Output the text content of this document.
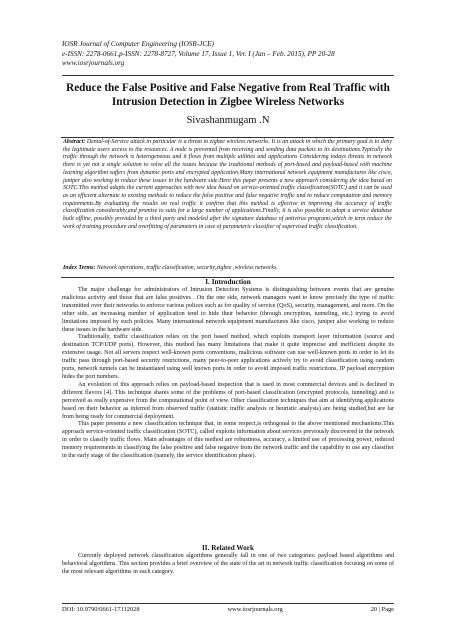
IOSR Journal of Computer Engineering (IOSR-JCE)
e-ISSN: 2278-0661,p-ISSN: 2278-8727, Volume 17, Issue 1, Ver. I (Jan – Feb. 2015), PP 20-28
www.iosrjournals.org
Reduce the False Positive and False Negative from Real Traffic with Intrusion Detection in Zigbee Wireless Networks
Sivashanmugam .N
Abstract: Denial-of-Service attack in particular is a threat to zigbee wireless networks. It is an attack in which the primary goal is to deny the legitimate users access to the resources. A node is prevented from receiving and sending data packets to its destinations.Typically the traffic through the network is heterogeneous and it flows from multiple utilities and applications Considering todays threats in network there is yet not a single solution to solve all the issues because the traditional methods of port-based and payload-based with machine learning algorithm suffers from dynamic ports and encrypted application.Many international network equipment manufactures like cisco, juniper also working to reduce these issues in the hardware side.Here this paper presents a new approach considering the idea based on SOTC.This method adapts the current approaches with new idea based on service-oriented traffic classification(SOTC) and it can be used as an efficient alternate to existing methods to reduce the false positive and false negative traffic and to reduce computation and memory requirements.By evaluating the results on real traffic it confirm that this method is effective in improving the accuracy of traffic classification considerably,and promise to suits for a large number of applications.Finally, it is also possible to adopt a service database built offline, possibly provided by a third party and modeled after the signature database of antivirus programs,which in term reduce the work of training procedure and overfitting of parameters in case of parameteric classifier of supervised traffic classification.
Index Terms: Network operations, traffic classification, security,zigbee ,wireless networks.
I. Introduction

The major challenge for administrators of Intrusion Detection Systems is distinguishing between events that are genuine malicious activity and those that are false positives . On the one side, network managers want to know precisely the type of traffic transmitted over their networks to enforce various polices such as for quality of service (QoS), security, management, and more. On the other side, an increasing number of application tend to hide their behavior (through encryption, tunneling, etc.) trying to avoid limitations imposed by such policies. Many international network equipment manufactures like cisco, juniper also working to reduce these issues in the hardware side.

Traditionally, traffic classification relies on the port based method, which exploits transport layer information (source and destination TCP/UDP ports). However, this method has many limitations that make it quite imprecise and inefficient despite its extensive usage. Not all servers respect well-known ports conventions, malicious software can use well-known ports in order to let its traffic pass through port-based security restrictions, many peer-to-peer applications actively try to avoid classification using random ports, network tunnels can be instantiated using well known ports in order to avoid imposed traffic restrictions, IP payload encryption hides the port numbers.

An evolution of this approach relies on payload-based inspection that is used in most commercial devices and is declined in different flavors [4]. This technique shares some of the problems of port-based classification (encrypted protocols, tunneling) and is perceived as really expensive from the computational point of view. Other classification techniques that aim at identifying applications based on their behavior as inferred from observed traffic (statistic traffic analysis or heuristic analysis) are being studied,but are far from being ready for commercial deployment.

This paper presents a new classification technique that, in some respect,is orthogonal to the above mentioned mechanisms.This approach service-oriented traffic classification (SOTC), called exploits information about services previously discovered in the network in order to classify traffic flows. Main advantages of this method are robustness, accuracy, a limited use of processing power, reduced memory requirements in classifying the false positive and false negative from the network traffic and the capability to use any classifier in the early stage of the classification (namely, the service identification phase).

II. Related Work

Currently deployed network classification algorithms generally fall in one of two categories: payload based algorithms and behavioral algorithms. This section provides a brief overview of the state of the art in network traffic classification focusing on some of the most relevant algorithms in each category.

DOI: 10.9790/0661-17112028	www.iosrjournals.org	20 | Page
